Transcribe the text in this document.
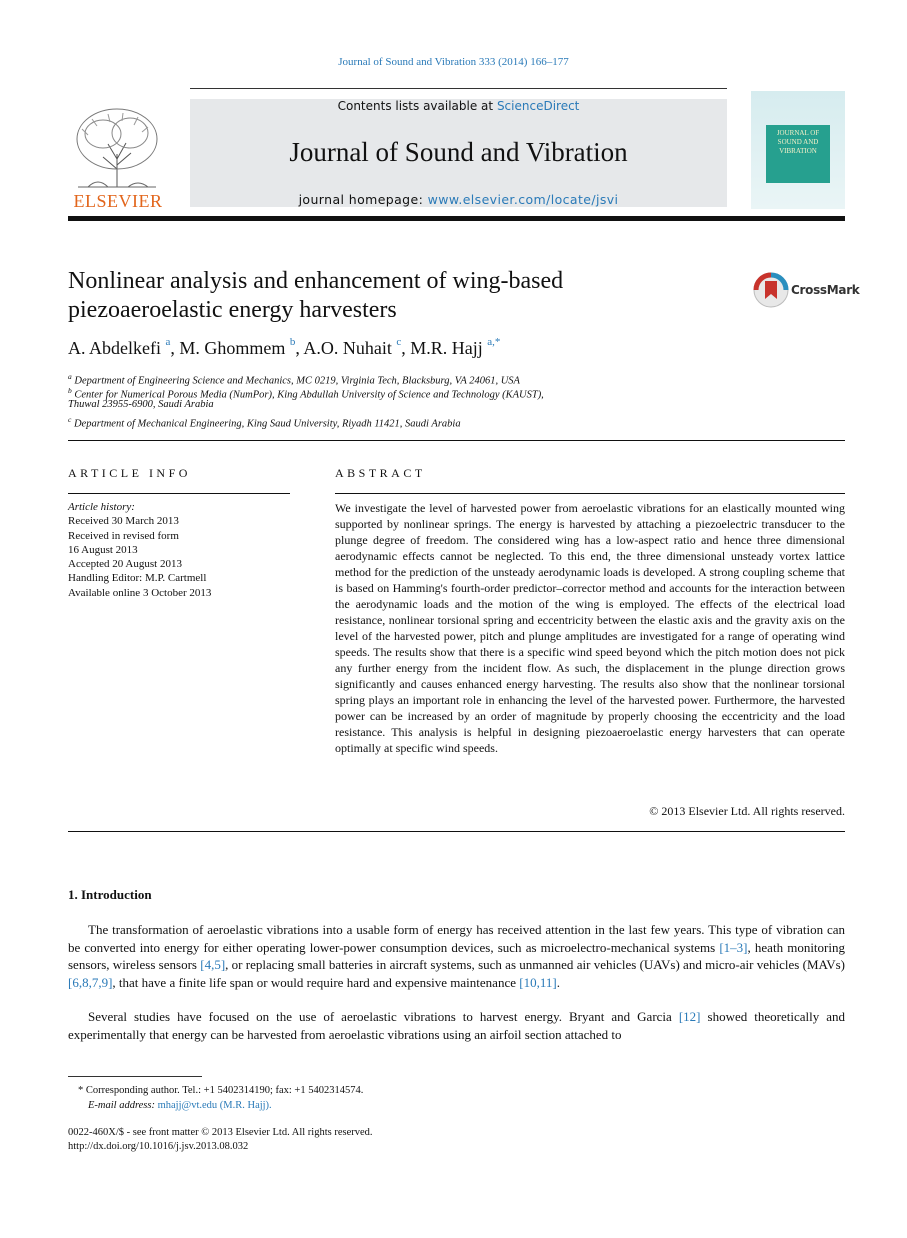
Journal of Sound and Vibration 333 (2014) 166–177
ELSEVIER
Contents lists available at ScienceDirect
Journal of Sound and Vibration
journal homepage: www.elsevier.com/locate/jsvi
JOURNAL OF SOUND AND VIBRATION
Nonlinear analysis and enhancement of wing-based
piezoaeroelastic energy harvesters
CrossMark
A. Abdelkefi $^a$, M. Ghommem $^b$, A.O. Nuhait $^c$, M.R. Hajj $^{a,*}$
$^a$ Department of Engineering Science and Mechanics, MC 0219, Virginia Tech, Blacksburg, VA 24061, USA
$^b$ Center for Numerical Porous Media (NumPor), King Abdullah University of Science and Technology (KAUST),
Thuwal 23955-6900, Saudi Arabia
$^c$ Department of Mechanical Engineering, King Saud University, Riyadh 11421, Saudi Arabia
ARTICLE INFO
Article history:
Received 30 March 2013
Received in revised form
16 August 2013
Accepted 20 August 2013
Handling Editor: M.P. Cartmell
Available online 3 October 2013
ABSTRACT
We investigate the level of harvested power from aeroelastic vibrations for an elastically mounted wing supported by nonlinear springs. The energy is harvested by attaching a piezoelectric transducer to the plunge degree of freedom. The considered wing has a low-aspect ratio and hence three dimensional aerodynamic effects cannot be neglected. To this end, the three dimensional unsteady vortex lattice method for the prediction of the unsteady aerodynamic loads is developed. A strong coupling scheme that is based on Hamming's fourth-order predictor–corrector method and accounts for the interaction between the aerodynamic loads and the motion of the wing is employed. The effects of the electrical load resistance, nonlinear torsional spring and eccentricity between the elastic axis and the gravity axis on the level of the harvested power, pitch and plunge amplitudes are investigated for a range of operating wind speeds. The results show that there is a specific wind speed beyond which the pitch motion does not pick any further energy from the incident flow. As such, the displacement in the plunge direction grows significantly and causes enhanced energy harvesting. The results also show that the nonlinear torsional spring plays an important role in enhancing the level of the harvested power. Furthermore, the harvested power can be increased by an order of magnitude by properly choosing the eccentricity and the load resistance. This analysis is helpful in designing piezoaeroelastic energy harvesters that can operate optimally at specific wind speeds.
© 2013 Elsevier Ltd. All rights reserved.
1. Introduction
The transformation of aeroelastic vibrations into a usable form of energy has received attention in the last few years. This type of vibration can be converted into energy for either operating lower-power consumption devices, such as microelectro-mechanical systems [1–3], heath monitoring sensors, wireless sensors [4,5], or replacing small batteries in aircraft systems, such as unmanned air vehicles (UAVs) and micro-air vehicles (MAVs) [6,8,7,9], that have a finite life span or would require hard and expensive maintenance [10,11].
Several studies have focused on the use of aeroelastic vibrations to harvest energy. Bryant and Garcia [12] showed theoretically and experimentally that energy can be harvested from aeroelastic vibrations using an airfoil section attached to
* Corresponding author. Tel.: +1 5402314190; fax: +1 5402314574.
E-mail address: mhajj@vt.edu (M.R. Hajj).
0022-460X/$ - see front matter © 2013 Elsevier Ltd. All rights reserved.
http://dx.doi.org/10.1016/j.jsv.2013.08.032
